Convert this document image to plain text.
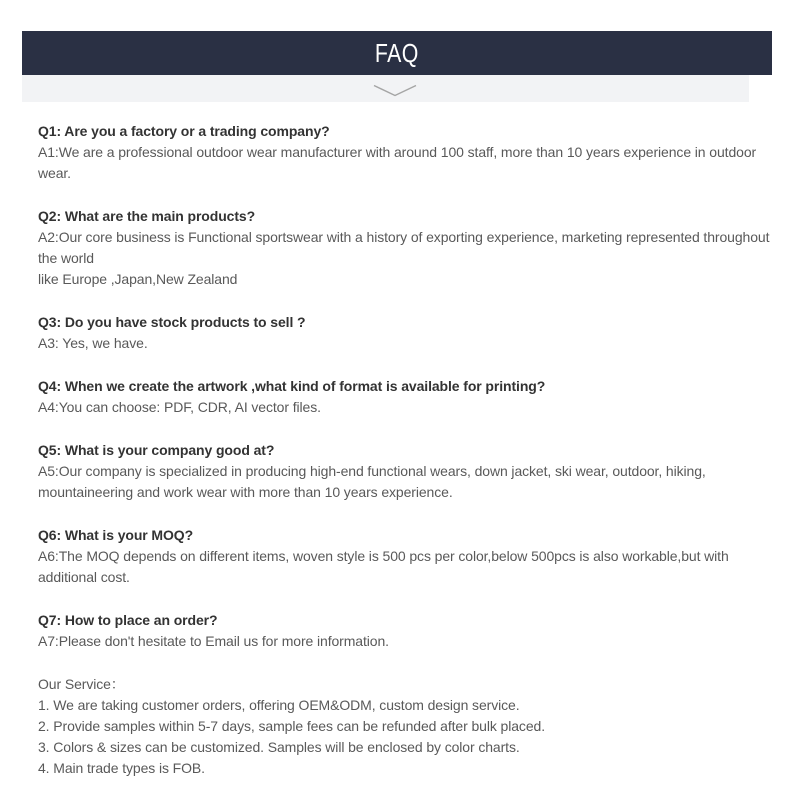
FAQ
Q1: Are you a factory or a trading company?
A1:We are a professional outdoor wear manufacturer with around 100 staff, more than 10 years experience in outdoor
wear.
Q2: What are the main products?
A2:Our core business is Functional sportswear with a history of exporting experience, marketing represented throughout
the world
like Europe ,Japan,New Zealand
Q3: Do you have stock products to sell ?
A3: Yes, we have.
Q4: When we create the artwork ,what kind of format is available for printing?
A4:You can choose: PDF, CDR, AI vector files.
Q5: What is your company good at?
A5:Our company is specialized in producing high-end functional wears, down jacket, ski wear, outdoor, hiking,
mountaineering and work wear with more than 10 years experience.
Q6: What is your MOQ?
A6:The MOQ depends on different items, woven style is 500 pcs per color,below 500pcs is also workable,but with
additional cost.
Q7: How to place an order?
A7:Please don't hesitate to Email us for more information.
Our Service：
1. We are taking customer orders, offering OEM&ODM, custom design service.
2. Provide samples within 5-7 days, sample fees can be refunded after bulk placed.
3. Colors & sizes can be customized. Samples will be enclosed by color charts.
4. Main trade types is FOB.
